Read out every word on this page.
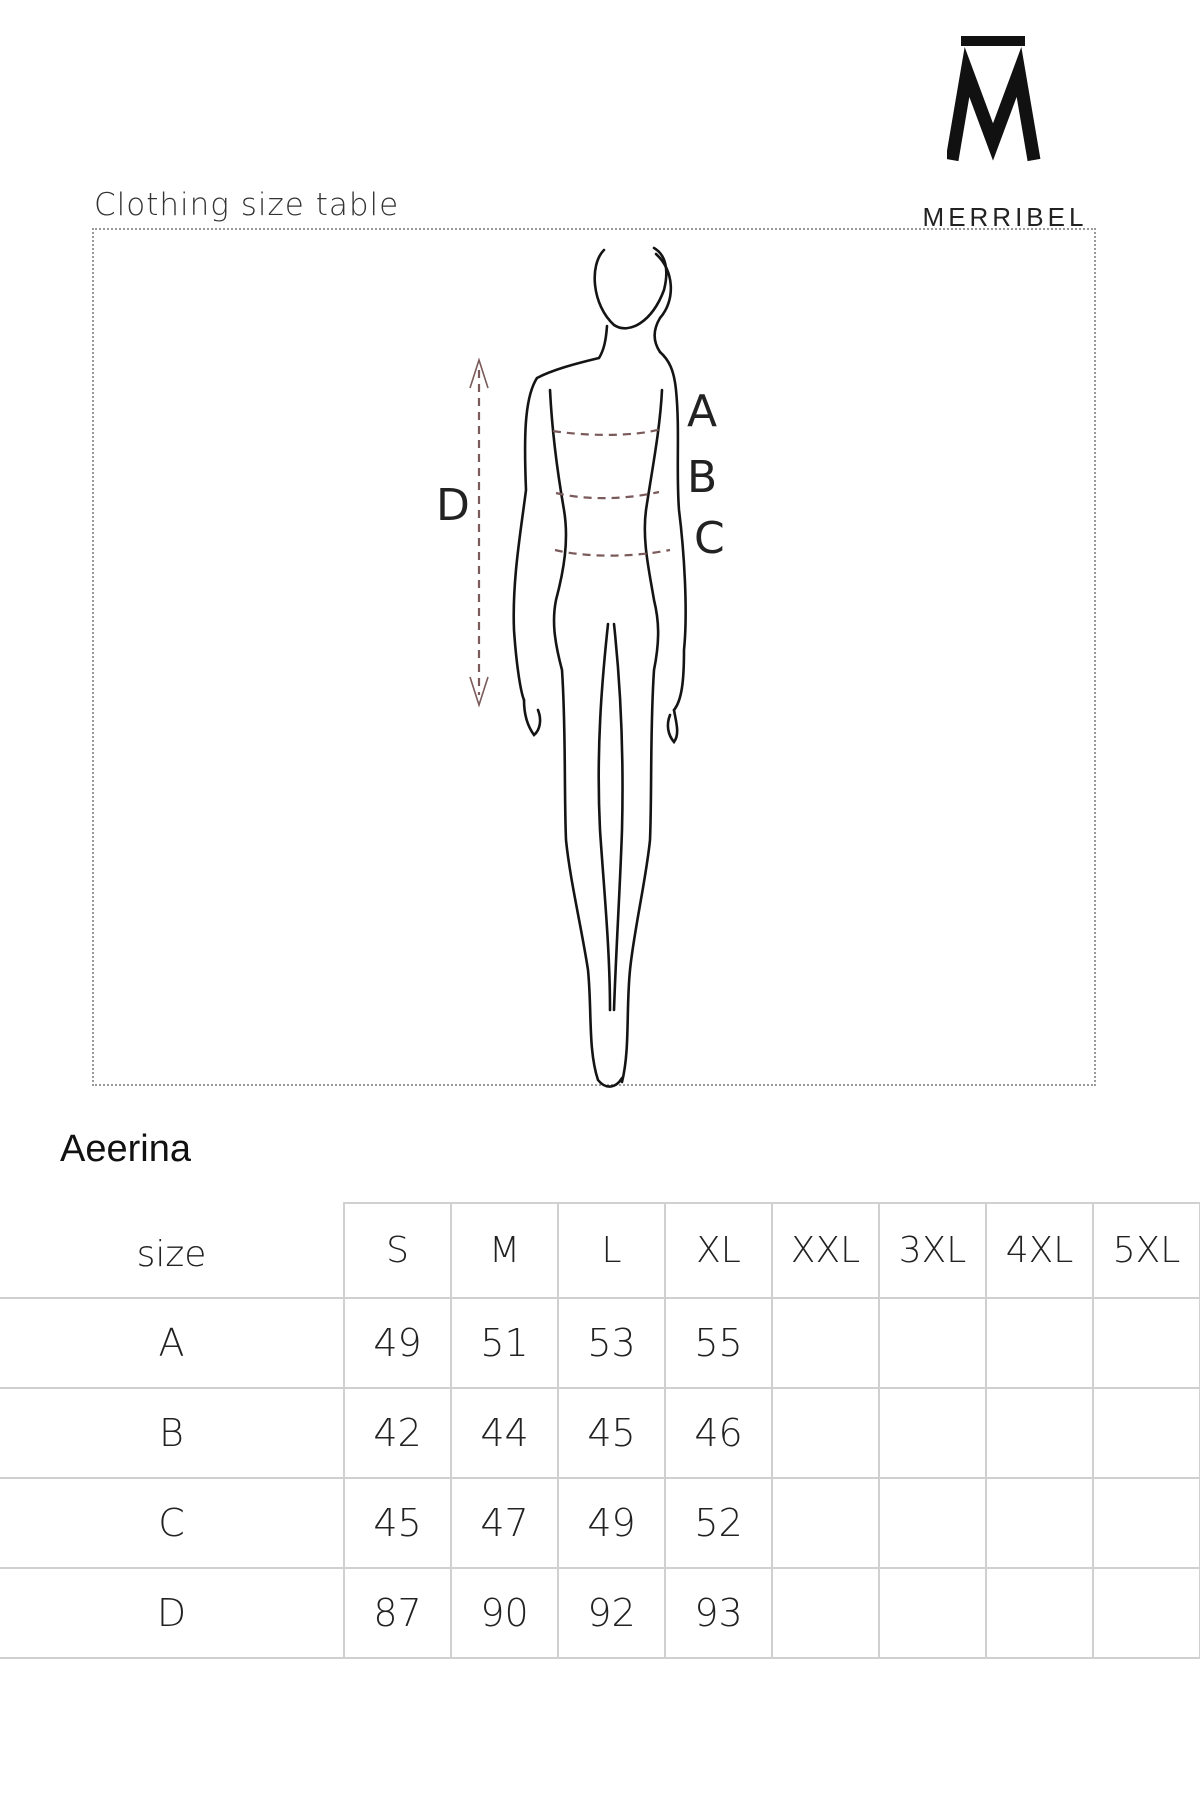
MERRIBEL
Clothing size table
A
B
C
D
Aeerina
size	S	M	L	XL	XXL	3XL	4XL	5XL
A	49	51	53	55				
B	42	44	45	46				
C	45	47	49	52				
D	87	90	92	93				
